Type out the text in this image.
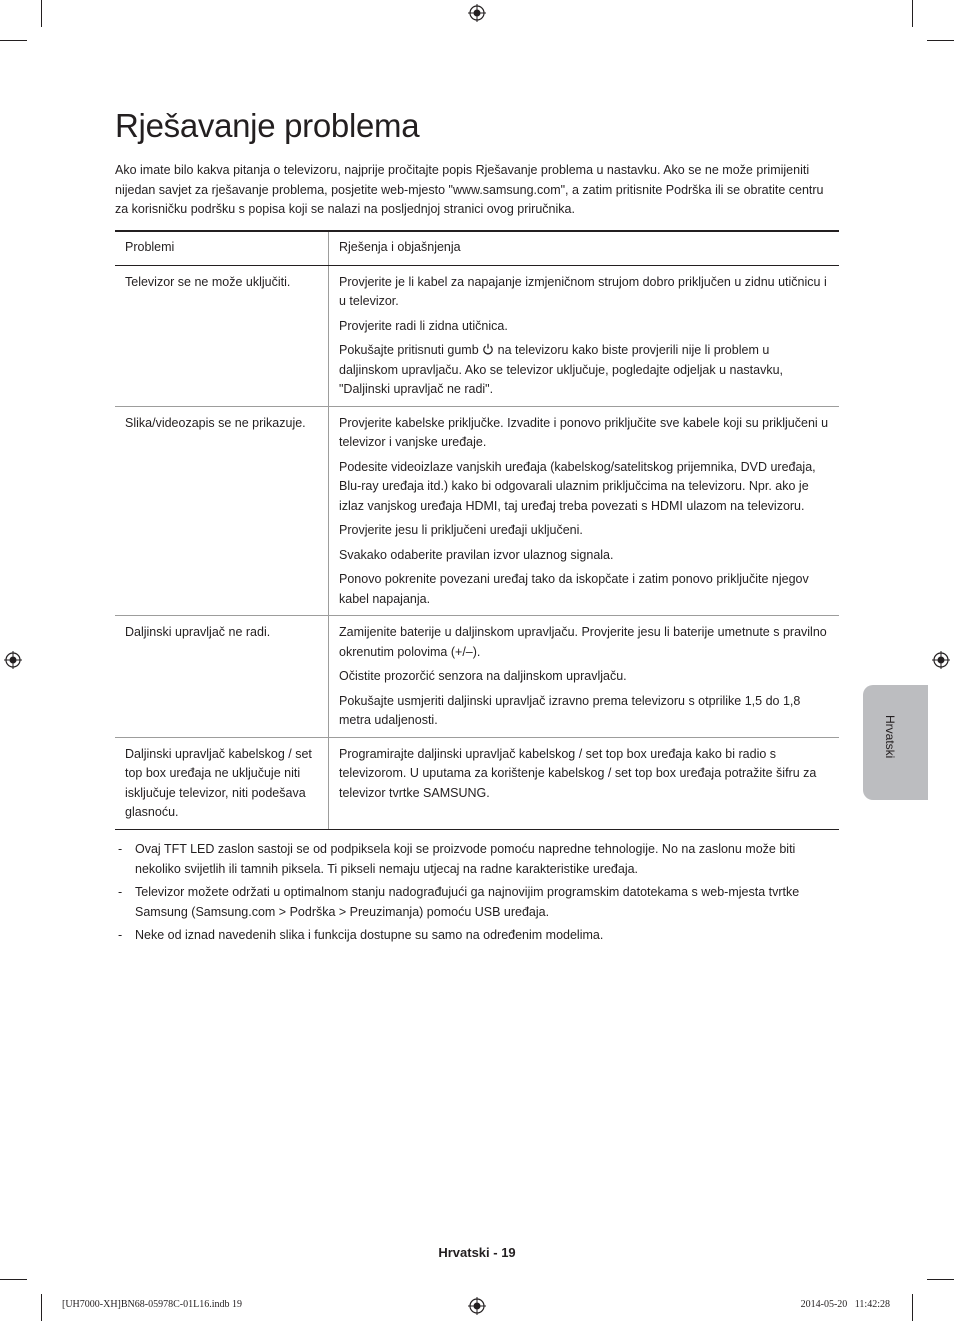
Rješavanje problema

Ako imate bilo kakva pitanja o televizoru, najprije pročitajte popis Rješavanje problema u nastavku. Ako se ne može primijeniti nijedan savjet za rješavanje problema, posjetite web-mjesto "www.samsung.com", a zatim pritisnite Podrška ili se obratite centru za korisničku podršku s popisa koji se nalazi na posljednjoj stranici ovog priručnika.

Problemi	Rješenja i objašnjenja
Televizor se ne može uključiti.	Provjerite je li kabel za napajanje izmjeničnom strujom dobro priključen u zidnu utičnicu i u televizor.

Provjerite radi li zidna utičnica.

Pokušajte pritisnuti gumb na televizoru kako biste provjerili nije li problem u daljinskom upravljaču. Ako se televizor uključuje, pogledajte odjeljak u nastavku, "Daljinski upravljač ne radi".

Slika/videozapis se ne prikazuje.	Provjerite kabelske priključke. Izvadite i ponovo priključite sve kabele koji su priključeni u televizor i vanjske uređaje.

Podesite videoizlaze vanjskih uređaja (kabelskog/satelitskog prijemnika, DVD uređaja, Blu-ray uređaja itd.) kako bi odgovarali ulaznim priključcima na televizoru. Npr. ako je izlaz vanjskog uređaja HDMI, taj uređaj treba povezati s HDMI ulazom na televizoru.

Provjerite jesu li priključeni uređaji uključeni.

Svakako odaberite pravilan izvor ulaznog signala.

Ponovo pokrenite povezani uređaj tako da iskopčate i zatim ponovo priključite njegov kabel napajanja.

Daljinski upravljač ne radi.	Zamijenite baterije u daljinskom upravljaču. Provjerite jesu li baterije umetnute s pravilno okrenutim polovima (+/–).

Očistite prozorčić senzora na daljinskom upravljaču.

Pokušajte usmjeriti daljinski upravljač izravno prema televizoru s otprilike 1,5 do 1,8 metra udaljenosti.

Daljinski upravljač kabelskog / set top box uređaja ne uključuje niti isključuje televizor, niti podešava glasnoću.	Programirajte daljinski upravljač kabelskog / set top box uređaja kako bi radio s televizorom. U uputama za korištenje kabelskog / set top box uređaja potražite šifru za televizor tvrtke SAMSUNG.

- Ovaj TFT LED zaslon sastoji se od podpiksela koji se proizvode pomoću napredne tehnologije. No na zaslonu može biti nekoliko svijetlih ili tamnih piksela. Ti pikseli nemaju utjecaj na radne karakteristike uređaja.
- Televizor možete održati u optimalnom stanju nadograđujući ga najnovijim programskim datotekama s web-mjesta tvrtke Samsung (Samsung.com > Podrška > Preuzimanja) pomoću USB uređaja.
- Neke od iznad navedenih slika i funkcija dostupne su samo na određenim modelima.
Hrvatski
Hrvatski - 19
[UH7000-XH]BN68-05978C-01L16.indb 19	2014-05-20   11:42:28
